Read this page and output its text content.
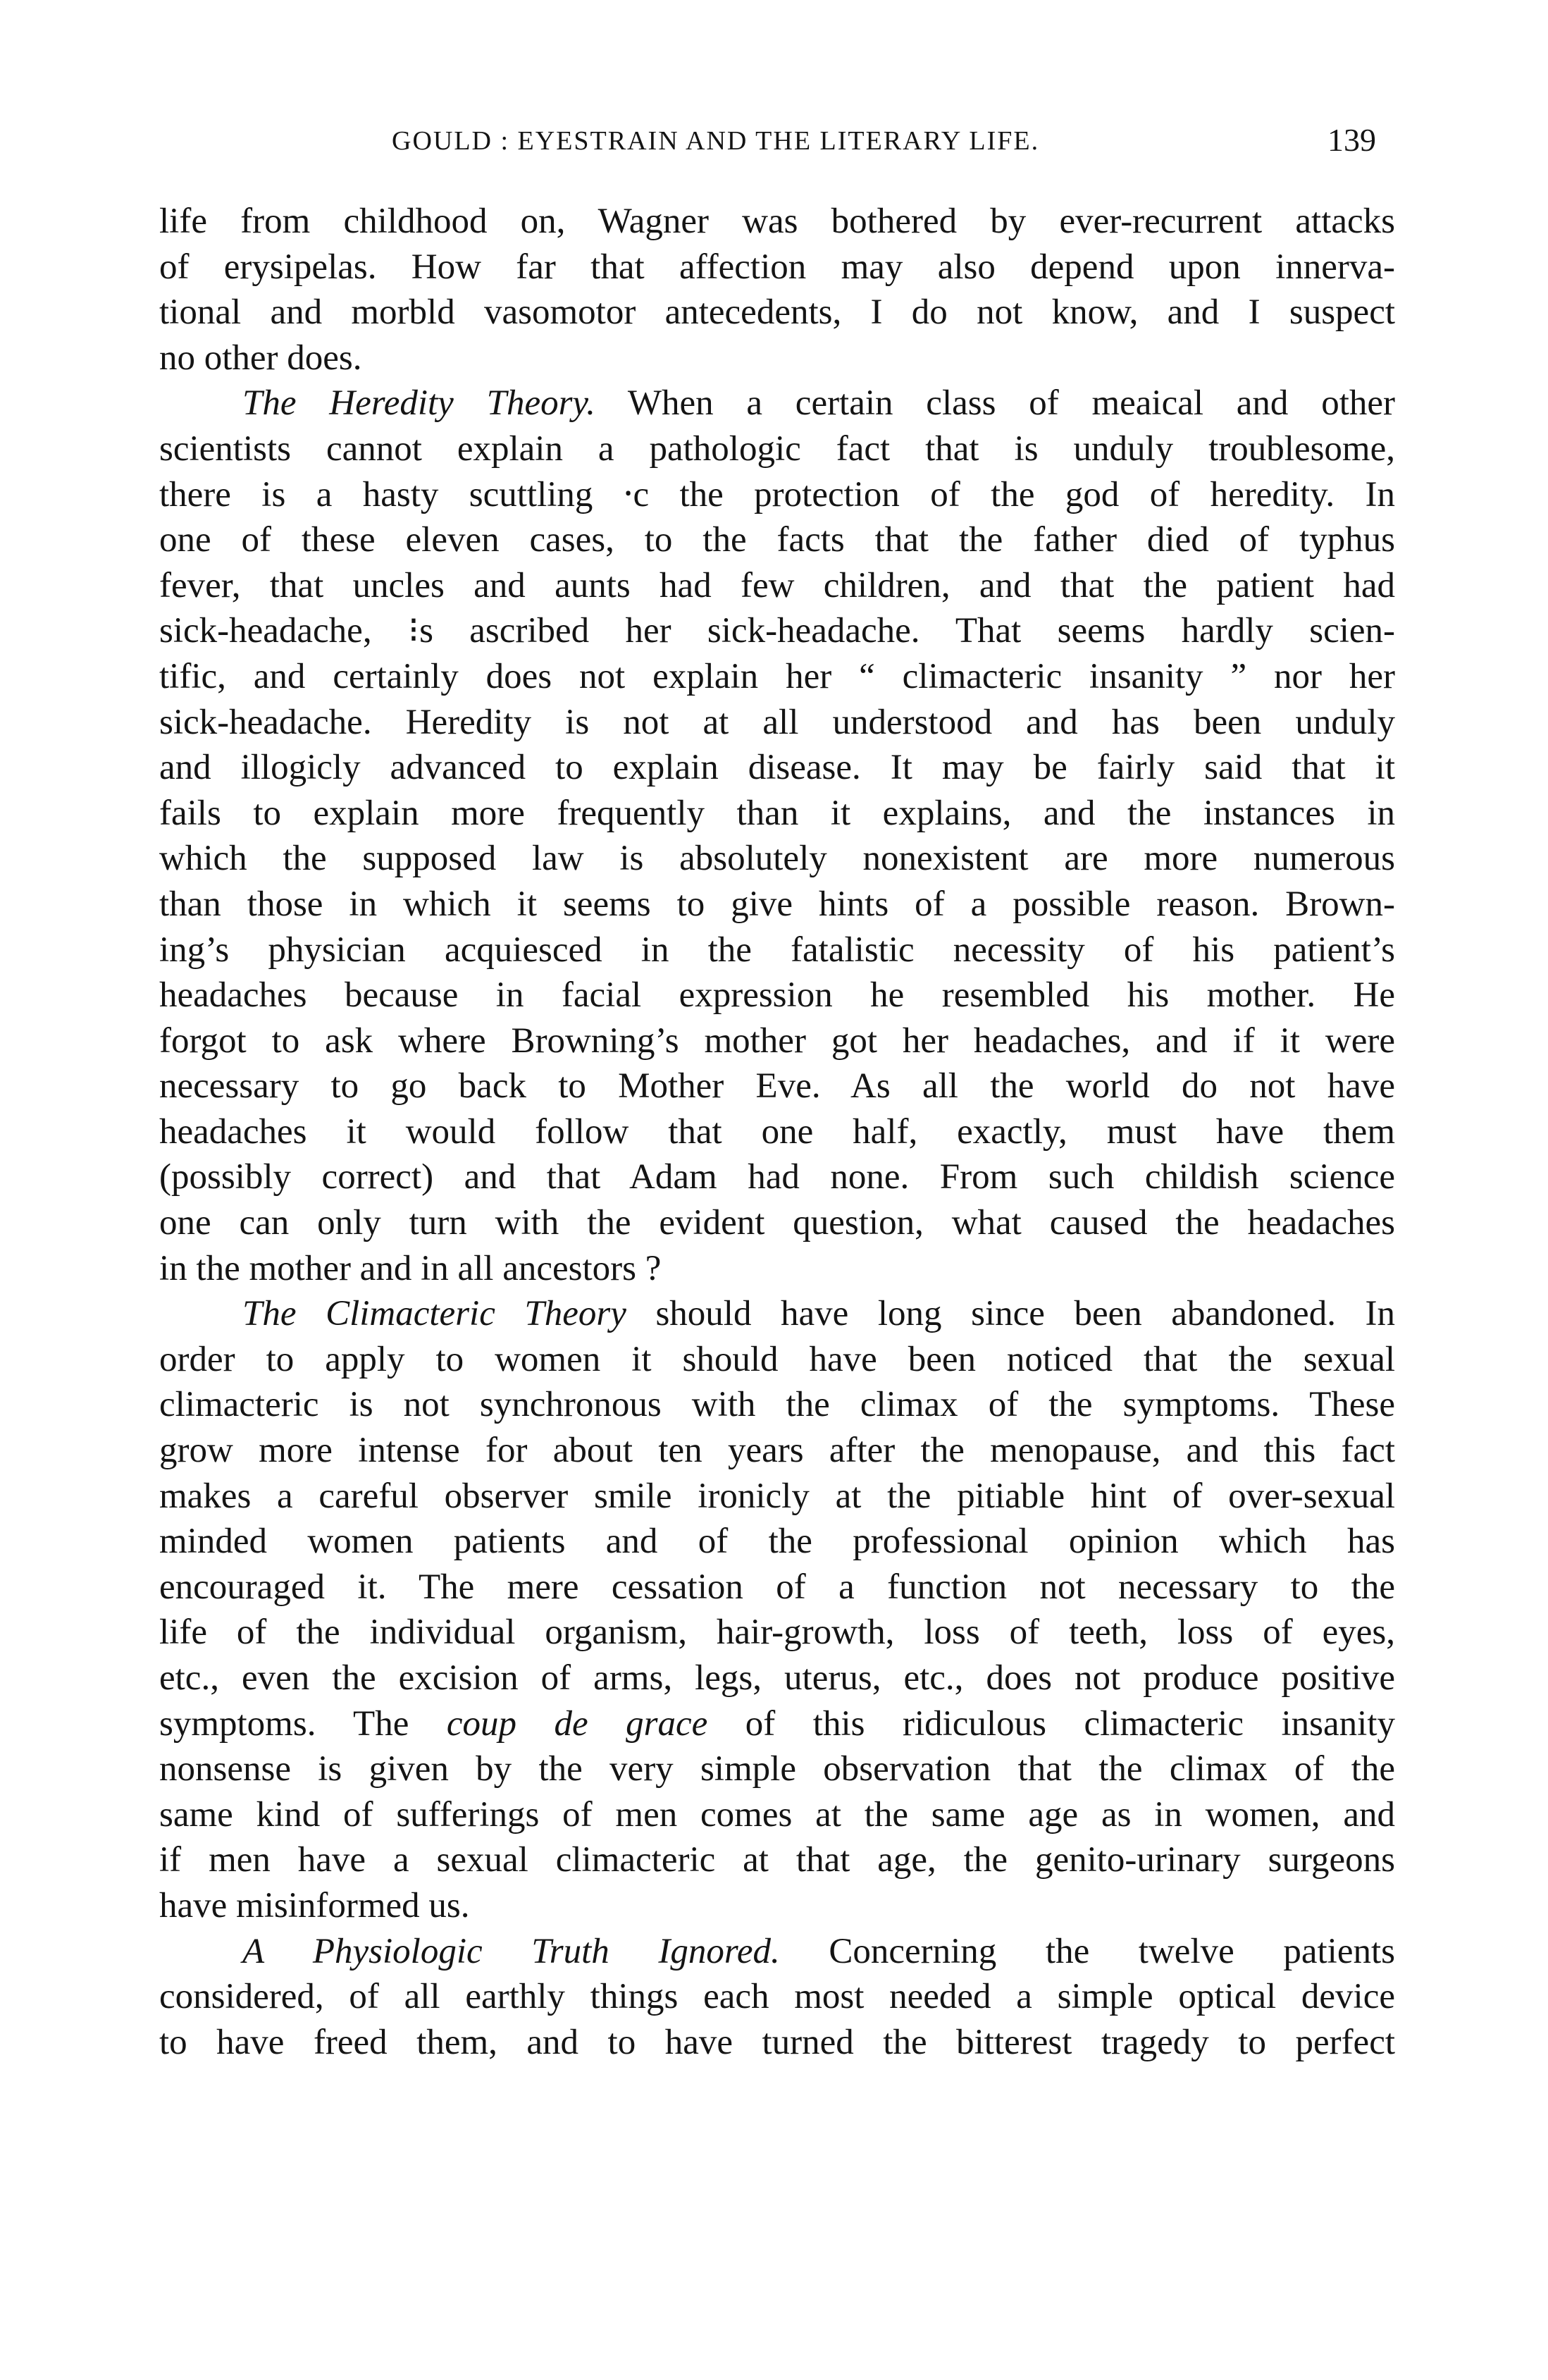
GOULD : EYESTRAIN AND THE LITERARY LIFE.	139
life from childhood on, Wagner was bothered by ever-recurrent attacks
of erysipelas. How far that affection may also depend upon innerva-
tional and morbld vasomotor antecedents, I do not know, and I suspect
no other does.
The Heredity Theory. When a certain class of meaical and other
scientists cannot explain a pathologic fact that is unduly troublesome,
there is a hasty scuttling ⸱c the protection of the god of heredity. In
one of these eleven cases, to the facts that the father died of typhus
fever, that uncles and aunts had few children, and that the patient had
sick-headache, ⁝s ascribed her sick-headache. That seems hardly scien-
tific, and certainly does not explain her “ climacteric insanity ” nor her
sick-headache. Heredity is not at all understood and has been unduly
and illogicly advanced to explain disease. It may be fairly said that it
fails to explain more frequently than it explains, and the instances in
which the supposed law is absolutely nonexistent are more numerous
than those in which it seems to give hints of a possible reason. Brown-
ing’s physician acquiesced in the fatalistic necessity of his patient’s
headaches because in facial expression he resembled his mother. He
forgot to ask where Browning’s mother got her headaches, and if it were
necessary to go back to Mother Eve. As all the world do not have
headaches it would follow that one half, exactly, must have them
(possibly correct) and that Adam had none. From such childish science
one can only turn with the evident question, what caused the headaches
in the mother and in all ancestors ?
The Climacteric Theory should have long since been abandoned. In
order to apply to women it should have been noticed that the sexual
climacteric is not synchronous with the climax of the symptoms. These
grow more intense for about ten years after the menopause, and this fact
makes a careful observer smile ironicly at the pitiable hint of over-sexual
minded women patients and of the professional opinion which has
encouraged it. The mere cessation of a function not necessary to the
life of the individual organism, hair-growth, loss of teeth, loss of eyes,
etc., even the excision of arms, legs, uterus, etc., does not produce positive
symptoms. The coup de grace of this ridiculous climacteric insanity
nonsense is given by the very simple observation that the climax of the
same kind of sufferings of men comes at the same age as in women, and
if men have a sexual climacteric at that age, the genito-urinary surgeons
have misinformed us.
A Physiologic Truth Ignored. Concerning the twelve patients
considered, of all earthly things each most needed a simple optical device
to have freed them, and to have turned the bitterest tragedy to perfect
